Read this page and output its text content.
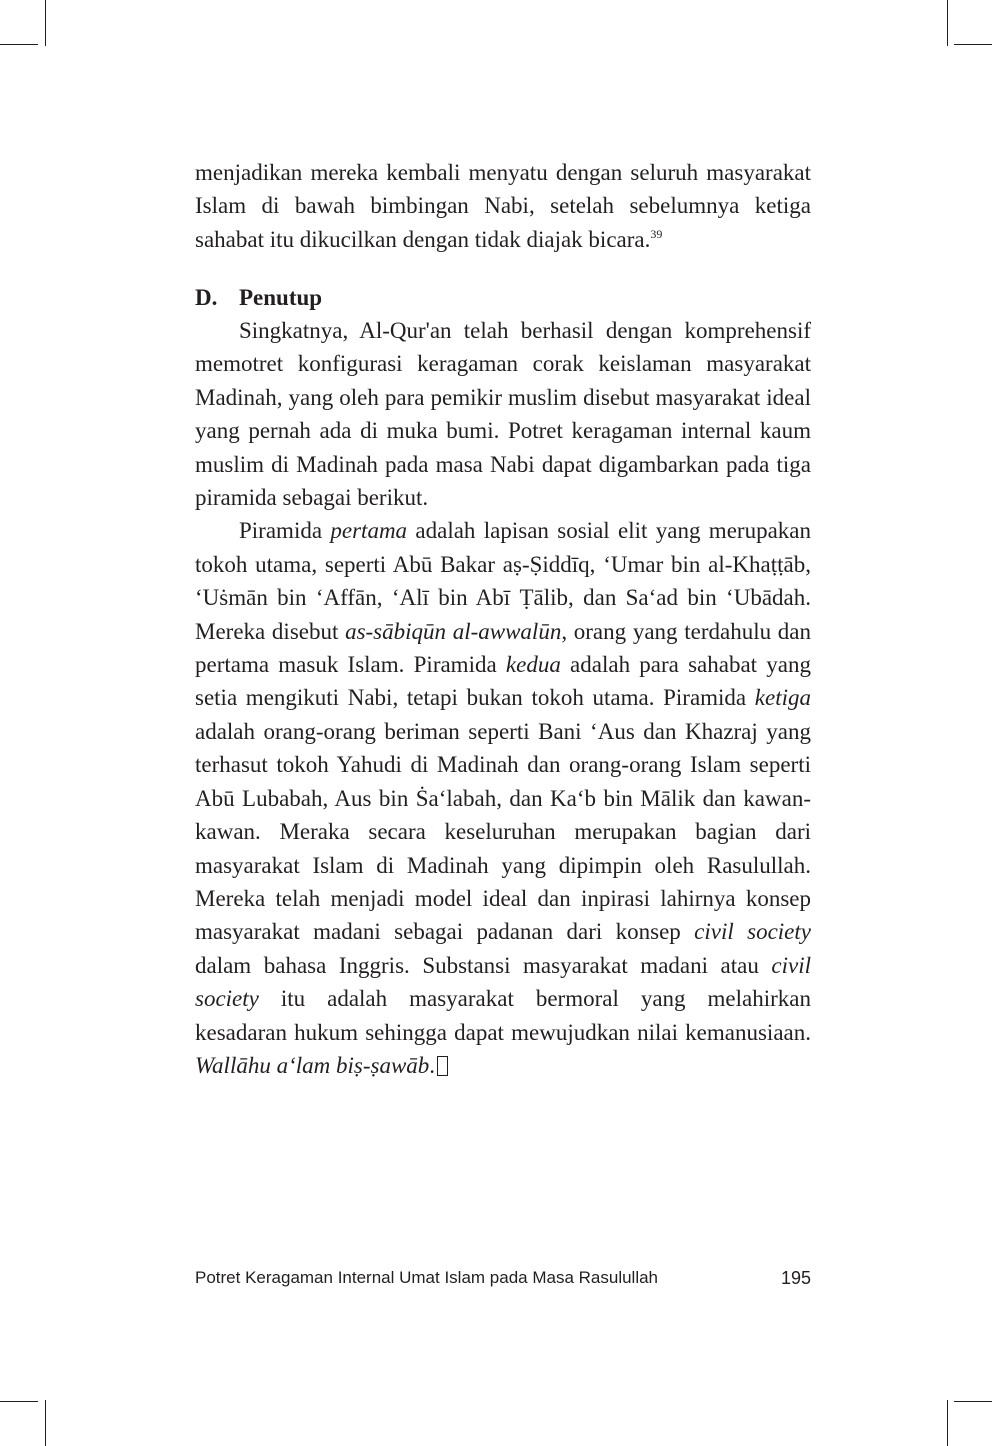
menjadikan mereka kembali menyatu dengan seluruh masyarakat Islam di bawah bimbingan Nabi, setelah sebelumnya ketiga sahabat itu dikucilkan dengan tidak diajak bicara.$^{39}$

D. Penutup

Singkatnya, Al-Qur'an telah berhasil dengan komprehensif memotret konfigurasi keragaman corak keislaman masyarakat Madinah, yang oleh para pemikir muslim disebut masyarakat ideal yang pernah ada di muka bumi. Potret keragaman internal kaum muslim di Madinah pada masa Nabi dapat digambarkan pada tiga piramida sebagai berikut.

Piramida pertama adalah lapisan sosial elit yang merupakan tokoh utama, seperti Abū Bakar aṣ-Ṣiddīq, ʻUmar bin al-Khaṭṭāb, ʻUṡmān bin ʻAffān, ʻAlī bin Abī Ṭālib, dan Saʻad bin ʻUbādah. Mereka disebut as-sābiqūn al-awwalūn, orang yang terdahulu dan pertama masuk Islam. Piramida kedua adalah para sahabat yang setia mengikuti Nabi, tetapi bukan tokoh utama. Piramida ketiga adalah orang-orang beriman seperti Bani ʻAus dan Khazraj yang terhasut tokoh Yahudi di Madinah dan orang-orang Islam seperti Abū Lubabah, Aus bin Ṡaʻlabah, dan Kaʻb bin Mālik dan kawan-kawan. Meraka secara keseluruhan merupakan bagian dari masyarakat Islam di Madinah yang dipimpin oleh Rasulullah. Mereka telah menjadi model ideal dan inpirasi lahirnya konsep masyarakat madani sebagai padanan dari konsep civil society dalam bahasa Inggris. Substansi masyarakat madani atau civil society itu adalah masyarakat bermoral yang melahirkan kesadaran hukum sehingga dapat mewujudkan nilai kemanusiaan. Wallāhu aʻlam biṣ-ṣawāb.

Potret Keragaman Internal Umat Islam pada Masa Rasulullah	195
